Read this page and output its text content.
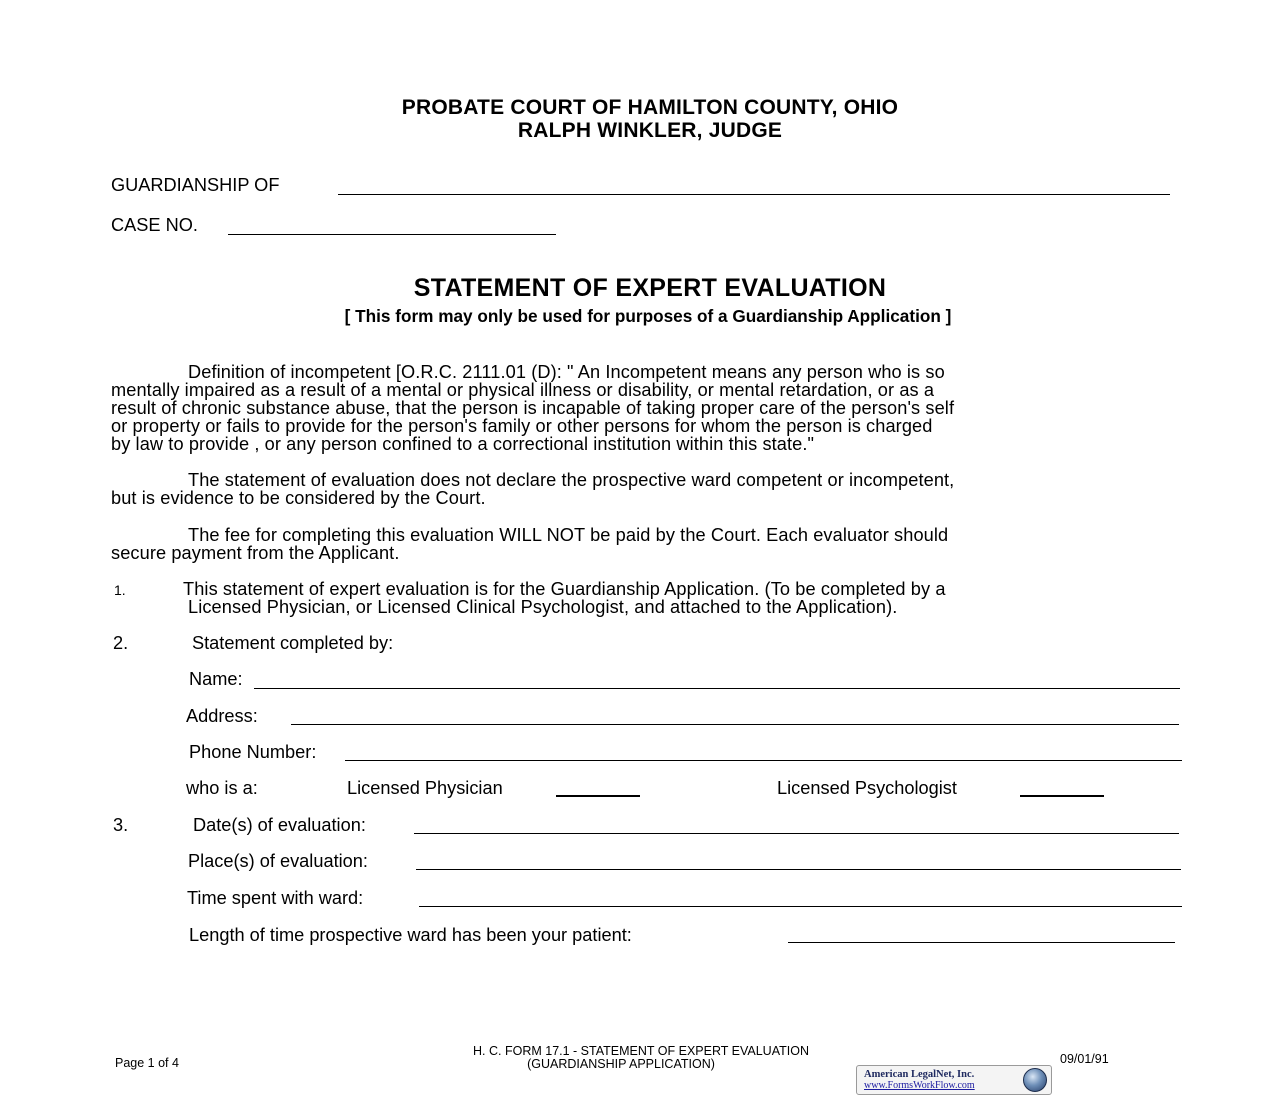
PROBATE COURT OF HAMILTON COUNTY, OHIO
RALPH WINKLER, JUDGE
GUARDIANSHIP OF
CASE NO.
STATEMENT OF EXPERT EVALUATION
[ This form may only be used for purposes of a Guardianship Application ]
Definition of incompetent [O.R.C. 2111.01 (D): " An Incompetent means any person who is so
mentally impaired as a result of a mental or physical illness or disability, or mental retardation, or as a
result of chronic substance abuse, that the person is incapable of taking proper care of the person's self
or property or fails to provide for the person's family or other persons for whom the person is charged
by law to provide , or any person confined to a correctional institution within this state."
The statement of evaluation does not declare the prospective ward competent or incompetent,
but is evidence to be considered by the Court.
The fee for completing this evaluation WILL NOT be paid by the Court. Each evaluator should
secure payment from the Applicant.
1.	This statement of expert evaluation is for the Guardianship Application. (To be completed by a
Licensed Physician, or Licensed Clinical Psychologist, and attached to the Application).
2.	Statement completed by:
Name:
Address:
Phone Number:
who is a:	Licensed Physician	Licensed Psychologist
3.	Date(s) of evaluation:
Place(s) of evaluation:
Time spent with ward:
Length of time prospective ward has been your patient:
Page 1 of 4
H. C. FORM 17.1 - STATEMENT OF EXPERT EVALUATION
(GUARDIANSHIP APPLICATION)	09/01/91
American LegalNet, Inc.
www.FormsWorkFlow.com
